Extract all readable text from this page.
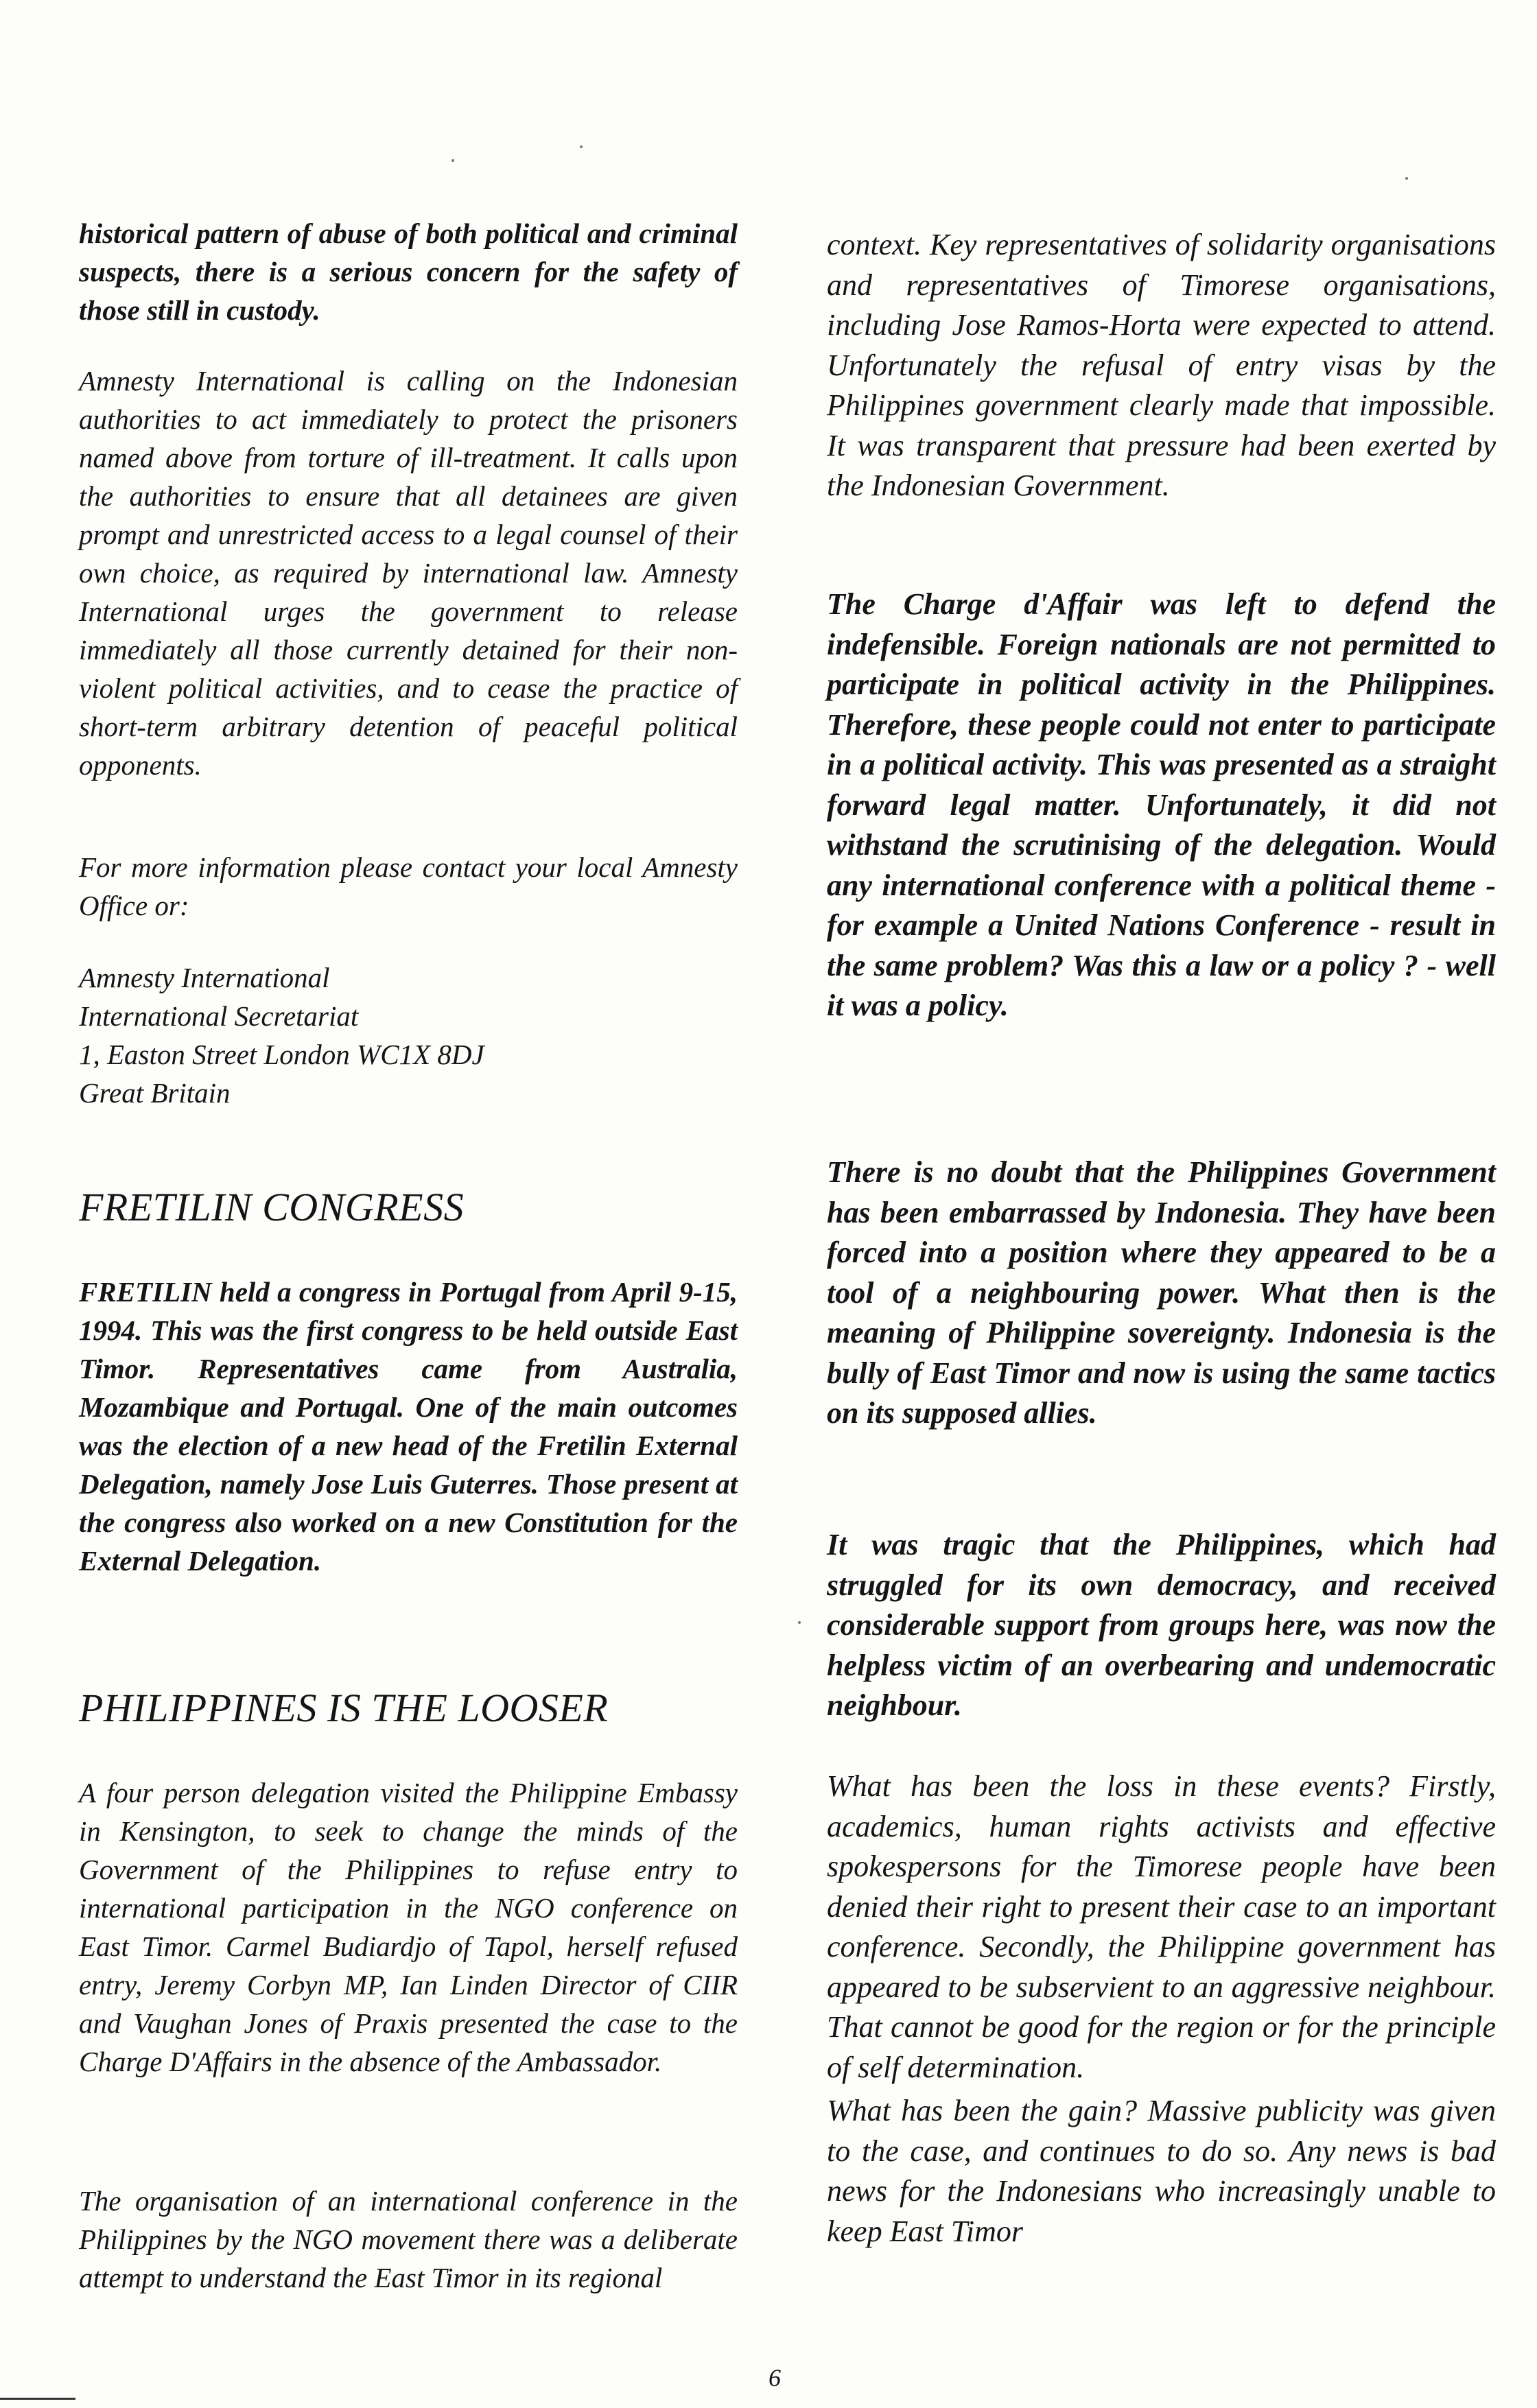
historical pattern of abuse of both political and criminal suspects, there is a serious concern for the safety of those still in custody.

Amnesty International is calling on the Indonesian authorities to act immediately to protect the prisoners named above from torture of ill-treatment. It calls upon the authorities to ensure that all detainees are given prompt and unrestricted access to a legal counsel of their own choice, as required by international law. Amnesty International urges the government to release immediately all those currently detained for their non-violent political activities, and to cease the practice of short-term arbitrary detention of peaceful political opponents.

For more information please contact your local Amnesty Office or:

Amnesty International

International Secretariat

1, Easton Street London WC1X 8DJ

Great Britain

FRETILIN CONGRESS

FRETILIN held a congress in Portugal from April 9-15, 1994. This was the first congress to be held outside East Timor. Representatives came from Australia, Mozambique and Portugal. One of the main outcomes was the election of a new head of the Fretilin External Delegation, namely Jose Luis Guterres. Those present at the congress also worked on a new Constitution for the External Delegation.

PHILIPPINES IS THE LOOSER

A four person delegation visited the Philippine Embassy in Kensington, to seek to change the minds of the Government of the Philippines to refuse entry to international participation in the NGO conference on East Timor. Carmel Budiardjo of Tapol, herself refused entry, Jeremy Corbyn MP, Ian Linden Director of CIIR and Vaughan Jones of Praxis presented the case to the Charge D'Affairs in the absence of the Ambassador.

The organisation of an international conference in the Philippines by the NGO movement there was a deliberate attempt to understand the East Timor in its regional

context. Key representatives of solidarity organisations and representatives of Timorese organisations, including Jose Ramos-Horta were expected to attend. Unfortunately the refusal of entry visas by the Philippines government clearly made that impossible. It was transparent that pressure had been exerted by the Indonesian Government.

The Charge d'Affair was left to defend the indefensible. Foreign nationals are not permitted to participate in political activity in the Philippines. Therefore, these people could not enter to participate in a political activity. This was presented as a straight forward legal matter. Unfortunately, it did not withstand the scrutinising of the delegation. Would any international conference with a political theme - for example a United Nations Conference - result in the same problem? Was this a law or a policy ? - well it was a policy.

There is no doubt that the Philippines Government has been embarrassed by Indonesia. They have been forced into a position where they appeared to be a tool of a neighbouring power. What then is the meaning of Philippine sovereignty. Indonesia is the bully of East Timor and now is using the same tactics on its supposed allies.

It was tragic that the Philippines, which had struggled for its own democracy, and received considerable support from groups here, was now the helpless victim of an overbearing and undemocratic neighbour.

What has been the loss in these events? Firstly, academics, human rights activists and effective spokespersons for the Timorese people have been denied their right to present their case to an important conference. Secondly, the Philippine government has appeared to be subservient to an aggressive neighbour. That cannot be good for the region or for the principle of self determination.

What has been the gain? Massive publicity was given to the case, and continues to do so. Any news is bad news for the Indonesians who increasingly unable to keep East Timor

6
